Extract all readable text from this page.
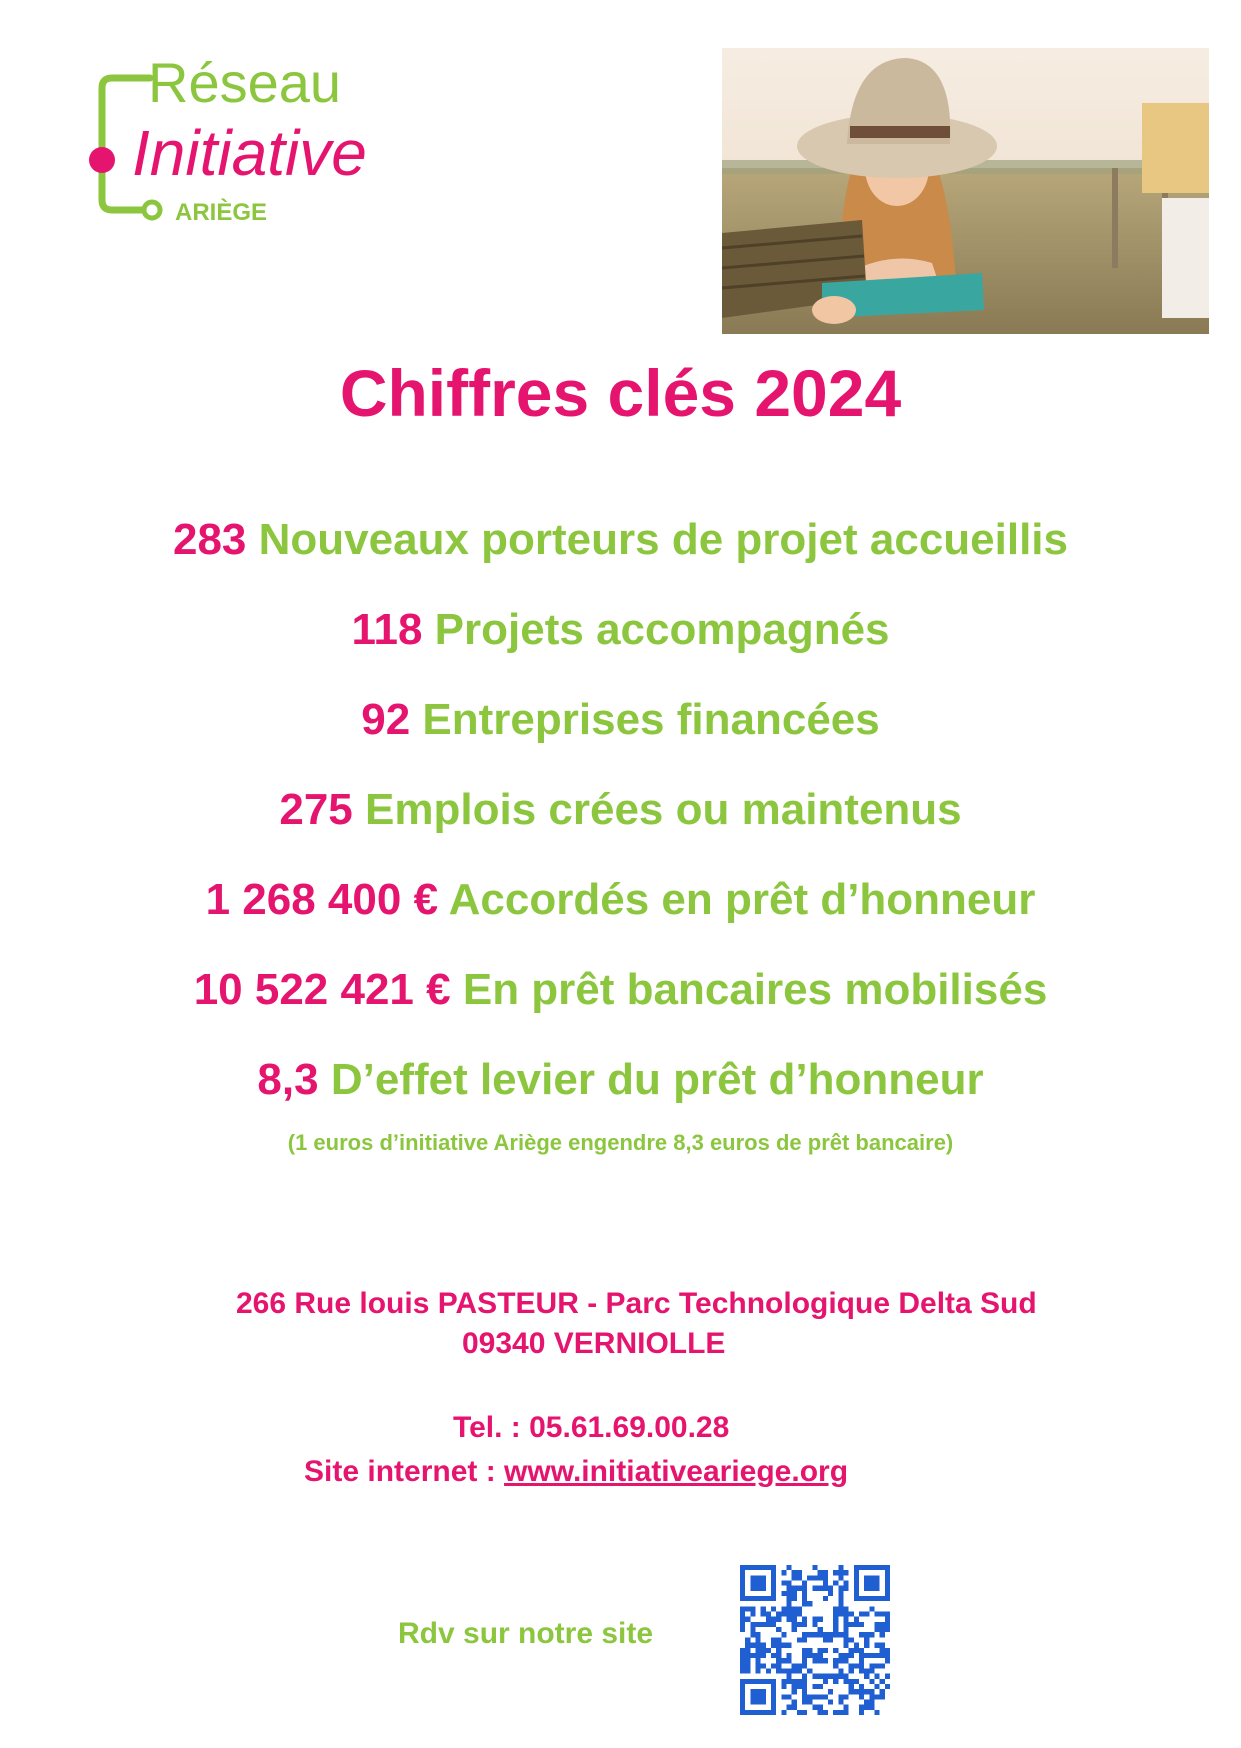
Réseau
Initiative
ARIÈGE
Chiffres clés 2024
283 Nouveaux porteurs de projet accueillis
118 Projets accompagnés
92 Entreprises financées
275 Emplois crées ou maintenus
1 268 400 € Accordés en prêt d’honneur
10 522 421 € En prêt bancaires mobilisés
8,3 D’effet levier du prêt d’honneur
(1 euros d’initiative Ariège engendre 8,3 euros de prêt bancaire)
266 Rue louis PASTEUR - Parc Technologique Delta Sud
09340 VERNIOLLE
Tel. : 05.61.69.00.28
Site internet : www.initiativeariege.org
Rdv sur notre site
